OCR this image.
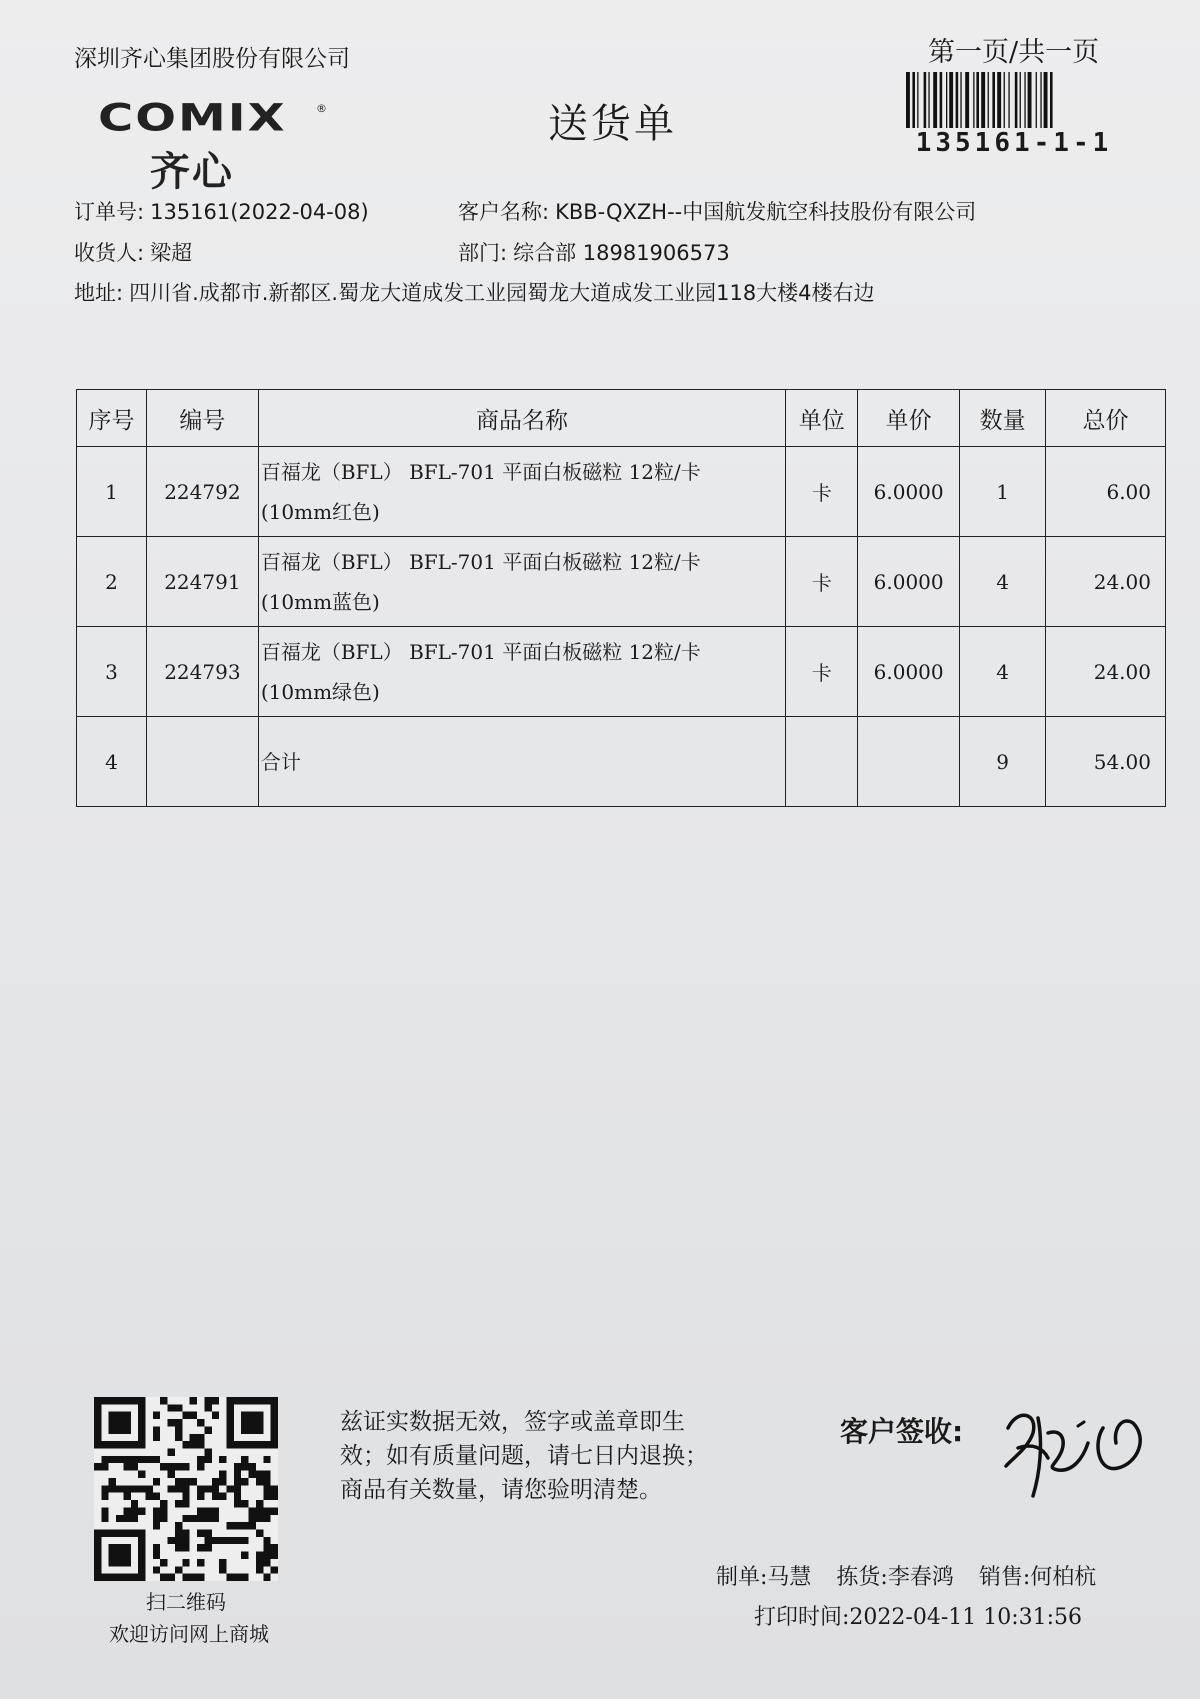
深圳齐心集团股份有限公司	第一页/共一页
135161-1-1
COMIX	®
齐心
送货单
订单号: 135161(2022-04-08)	客户名称: KBB-QXZH--中国航发航空科技股份有限公司
收货人: 梁超	部门: 综合部 18981906573
地址: 四川省.成都市.新都区.蜀龙大道成发工业园蜀龙大道成发工业园118大楼4楼右边
序号	编号	商品名称	单位	单价	数量	总价
1	224792	百福龙（BFL） BFL-701 平面白板磁粒 12粒/卡
(10mm红色)	卡	6.0000	1	6.00
2	224791	百福龙（BFL） BFL-701 平面白板磁粒 12粒/卡
(10mm蓝色)	卡	6.0000	4	24.00
3	224793	百福龙（BFL） BFL-701 平面白板磁粒 12粒/卡
(10mm绿色)	卡	6.0000	4	24.00
4		合计			9	54.00
扫二维码
欢迎访问网上商城
兹证实数据无效，签字或盖章即生
效；如有质量问题，请七日内退换；
商品有关数量，请您验明清楚。
客户签收:
制单:马慧 拣货:李春鸿 销售:何柏杭
打印时间:2022-04-11 10:31:56
